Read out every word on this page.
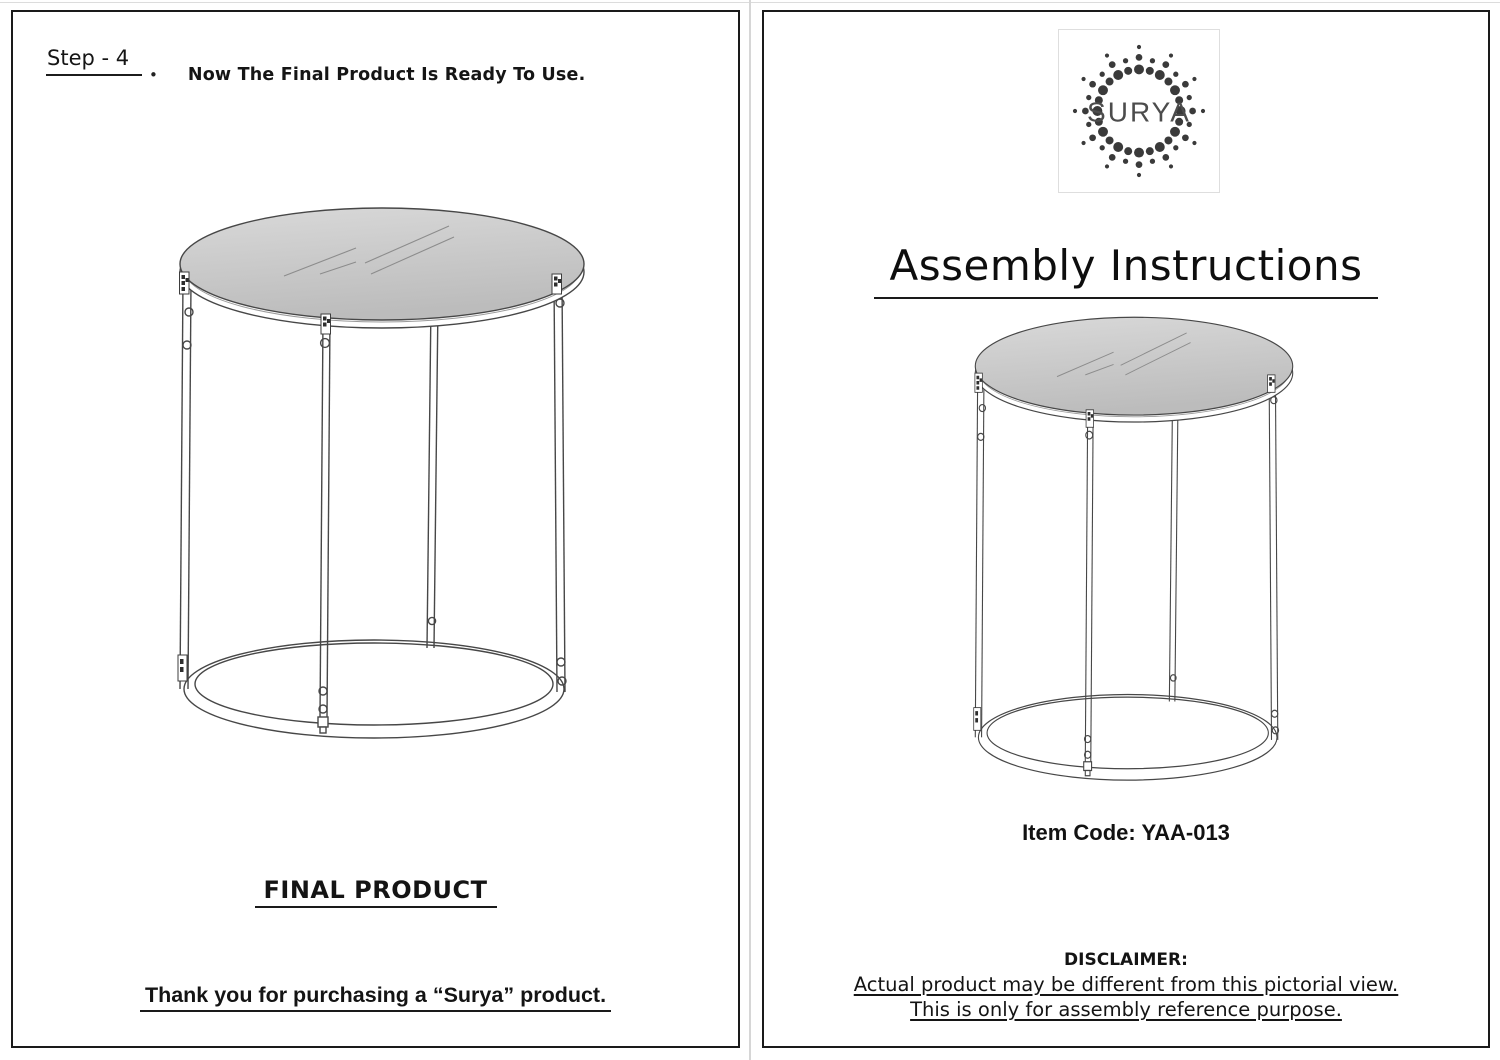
Step - 4
• Now The Final Product Is Ready To Use.
FINAL PRODUCT
Thank you for purchasing a “Surya” product.
SURYA
Assembly Instructions
Item Code: YAA-013
DISCLAIMER:
Actual product may be different from this pictorial view.
This is only for assembly reference purpose.
